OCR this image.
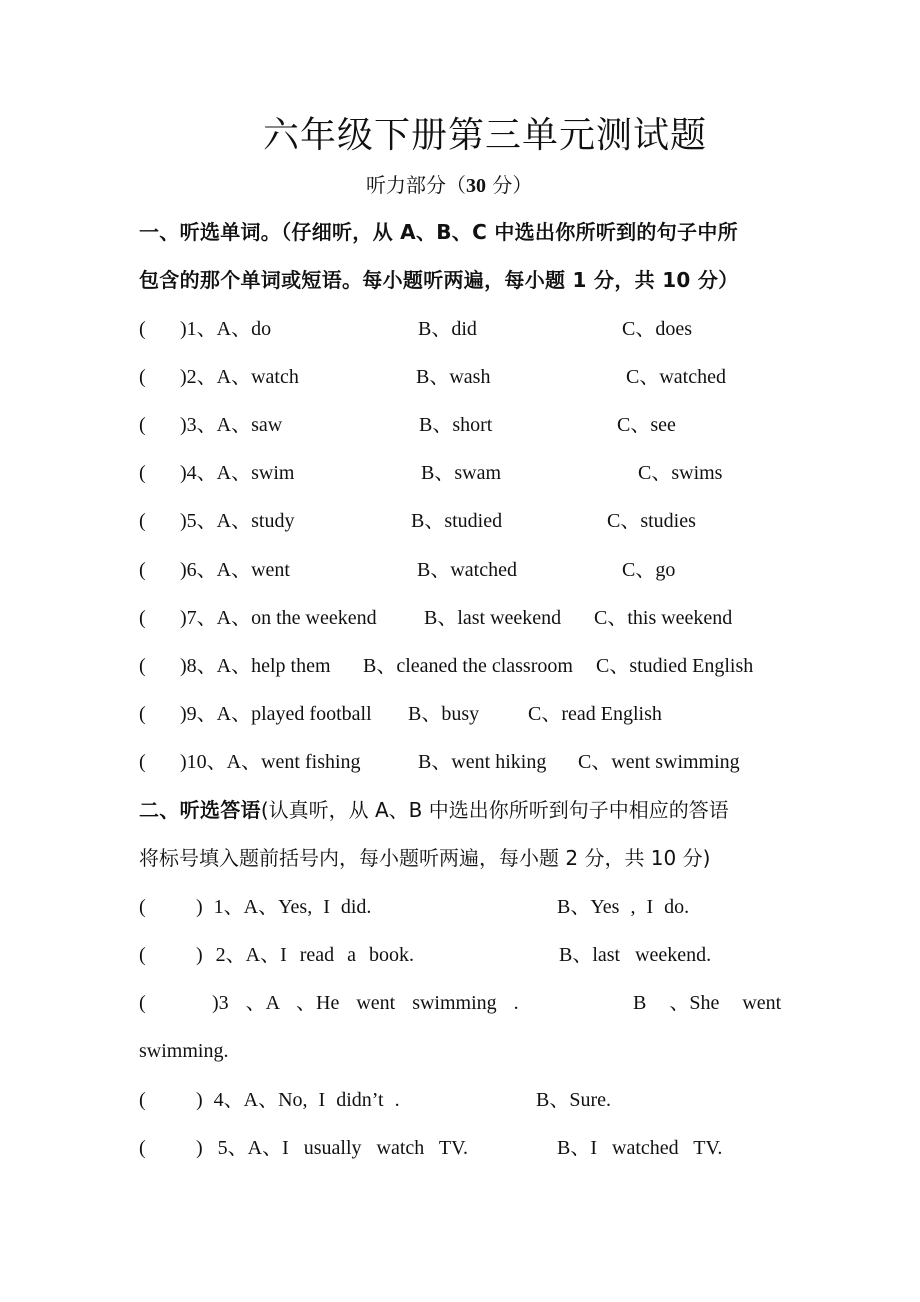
六年级下册第三单元测试题
听力部分（30 分）
一、听选单词。（仔细听，从 A、B、C 中选出你所听到的句子中所
包含的那个单词或短语。每小题听两遍，每小题 1 分，共 10 分）
( )1、A、do	B、did	C、does
( )2、A、watch	B、wash	C、watched
( )3、A、saw	B、short	C、see
( )4、A、swim	B、swam	C、swims
( )5、A、study	B、studied	C、studies
( )6、A、went	B、watched	C、go
( )7、A、on the weekend B、last weekend C、this weekend
( )8、A、help them B、cleaned the classroom C、studied English
( )9、A、played football B、busy C、read English
( )10、A、went fishing	B、went hiking C、went swimming
二、听选答语(认真听，从 A、B 中选出你所听到句子中相应的答语
将标号填入题前括号内，每小题听两遍，每小题 2 分，共 10 分)
(	) 1、A、Yes, I did.	B、Yes , I do.
(	) 2、A、I read a book.	B、last weekend.
(	)3 、A 、He went swimming .	B 、She went
swimming.
(	) 4、A、No, I didn’t .	B、Sure.
(	) 5、A、I usually watch TV.	B、I watched TV.
